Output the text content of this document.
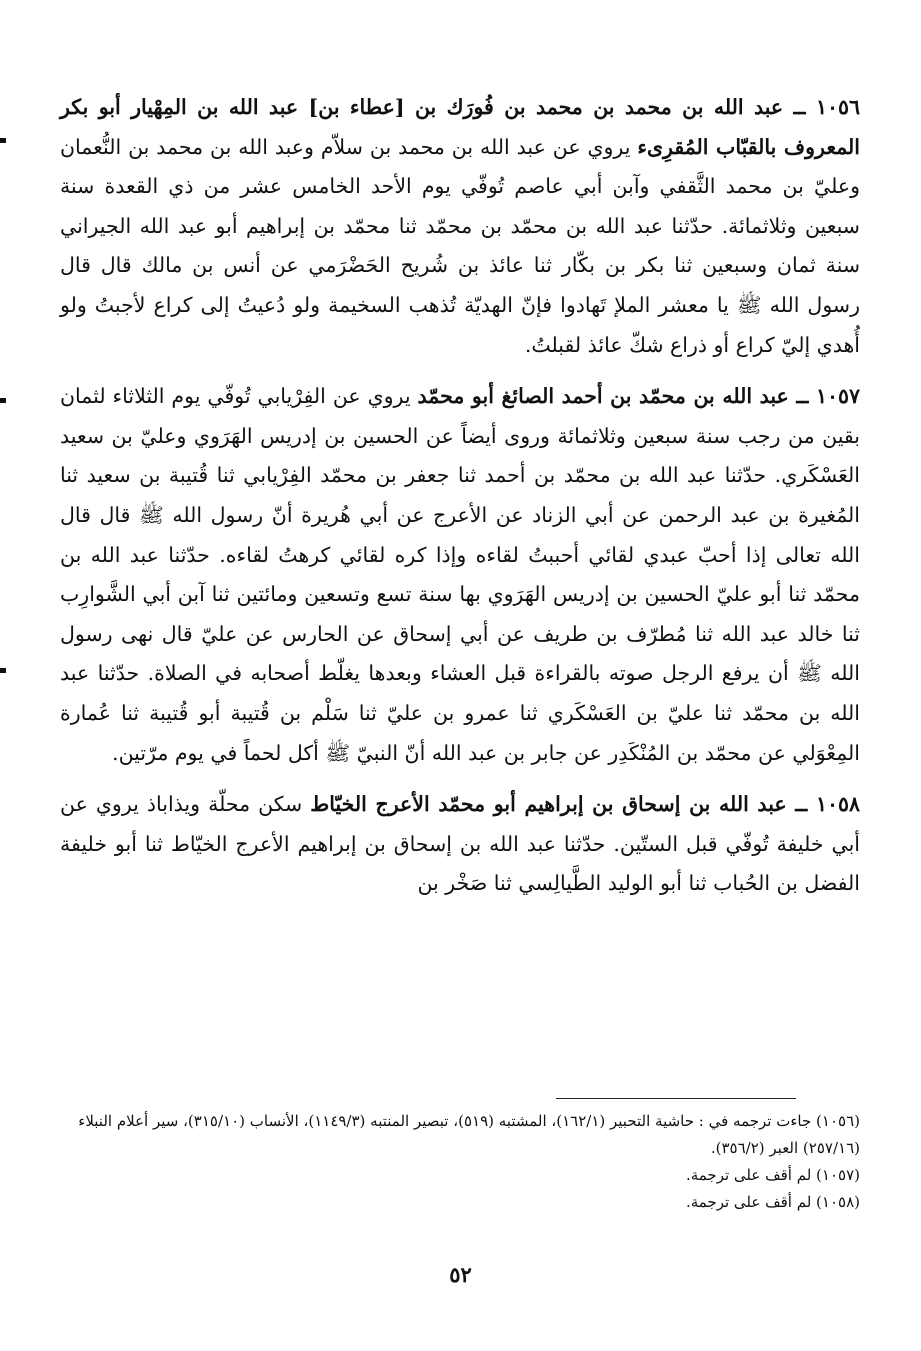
١٠٥٦ ــ عبد الله بن محمد بن محمد بن فُورَك بن [عطاء بن] عبد الله بن المِهْيار أبو بكر المعروف بالقبّاب المُقرِىء يروي عن عبد الله بن محمد بن سلاّم وعبد الله بن محمد بن النُّعمان وعليّ بن محمد الثَّقفي وآبن أبي عاصم تُوفّي يوم الأحد الخامس عشر من ذي القعدة سنة سبعين وثلاثمائة. حدّثنا عبد الله بن محمّد بن محمّد ثنا محمّد بن إبراهيم أبو عبد الله الجيراني سنة ثمان وسبعين ثنا بكر بن بكّار ثنا عائذ بن شُريح الحَضْرَمي عن أنس بن مالك قال قال رسول الله ﷺ يا معشر الملإ تَهادوا فإنّ الهديّة تُذهب السخيمة ولو دُعيتُ إلى كراع لأجبتُ ولو أُهدي إليّ كراع أو ذراع شكّ عائذ لقبلتُ.

١٠٥٧ ــ عبد الله بن محمّد بن أحمد الصائغ أبو محمّد يروي عن الفِرْيابي تُوفّي يوم الثلاثاء لثمان بقين من رجب سنة سبعين وثلاثمائة وروى أيضاً عن الحسين بن إدريس الهَرَوي وعليّ بن سعيد العَسْكَري. حدّثنا عبد الله بن محمّد بن أحمد ثنا جعفر بن محمّد الفِرْيابي ثنا قُتيبة بن سعيد ثنا المُغيرة بن عبد الرحمن عن أبي الزناد عن الأعرج عن أبي هُريرة أنّ رسول الله ﷺ قال قال الله تعالى إذا أحبّ عبدي لقائي أحببتُ لقاءه وإذا كره لقائي كرهتُ لقاءه. حدّثنا عبد الله بن محمّد ثنا أبو عليّ الحسين بن إدريس الهَرَوي بها سنة تسع وتسعين ومائتين ثنا آبن أبي الشَّوارِب ثنا خالد عبد الله ثنا مُطرّف بن طريف عن أبي إسحاق عن الحارس عن عليّ قال نهى رسول الله ﷺ أن يرفع الرجل صوته بالقراءة قبل العشاء وبعدها يغلّط أصحابه في الصلاة. حدّثنا عبد الله بن محمّد ثنا عليّ بن العَسْكَري ثنا عمرو بن عليّ ثنا سَلْم بن قُتيبة أبو قُتيبة ثنا عُمارة المِعْوَلي عن محمّد بن المُنْكَدِر عن جابر بن عبد الله أنّ النبيّ ﷺ أكل لحماً في يوم مرّتين.

١٠٥٨ ــ عبد الله بن إسحاق بن إبراهيم أبو محمّد الأعرج الخيّاط سكن محلّة ويذاباذ يروي عن أبي خليفة تُوفّي قبل الستّين. حدّثنا عبد الله بن إسحاق بن إبراهيم الأعرج الخيّاط ثنا أبو خليفة الفضل بن الحُباب ثنا أبو الوليد الطَّيالِسي ثنا صَخْر بن

(١٠٥٦) جاءت ترجمه في : حاشية التحبير (١٦٢/١)، المشتبه (٥١٩)، تبصير المنتبه (١١٤٩/٣)، الأنساب (٣١٥/١٠)، سير أعلام النبلاء (٢٥٧/١٦) العبر (٣٥٦/٢).

(١٠٥٧) لم أقف على ترجمة.

(١٠٥٨) لم أقف على ترجمة.

٥٢
